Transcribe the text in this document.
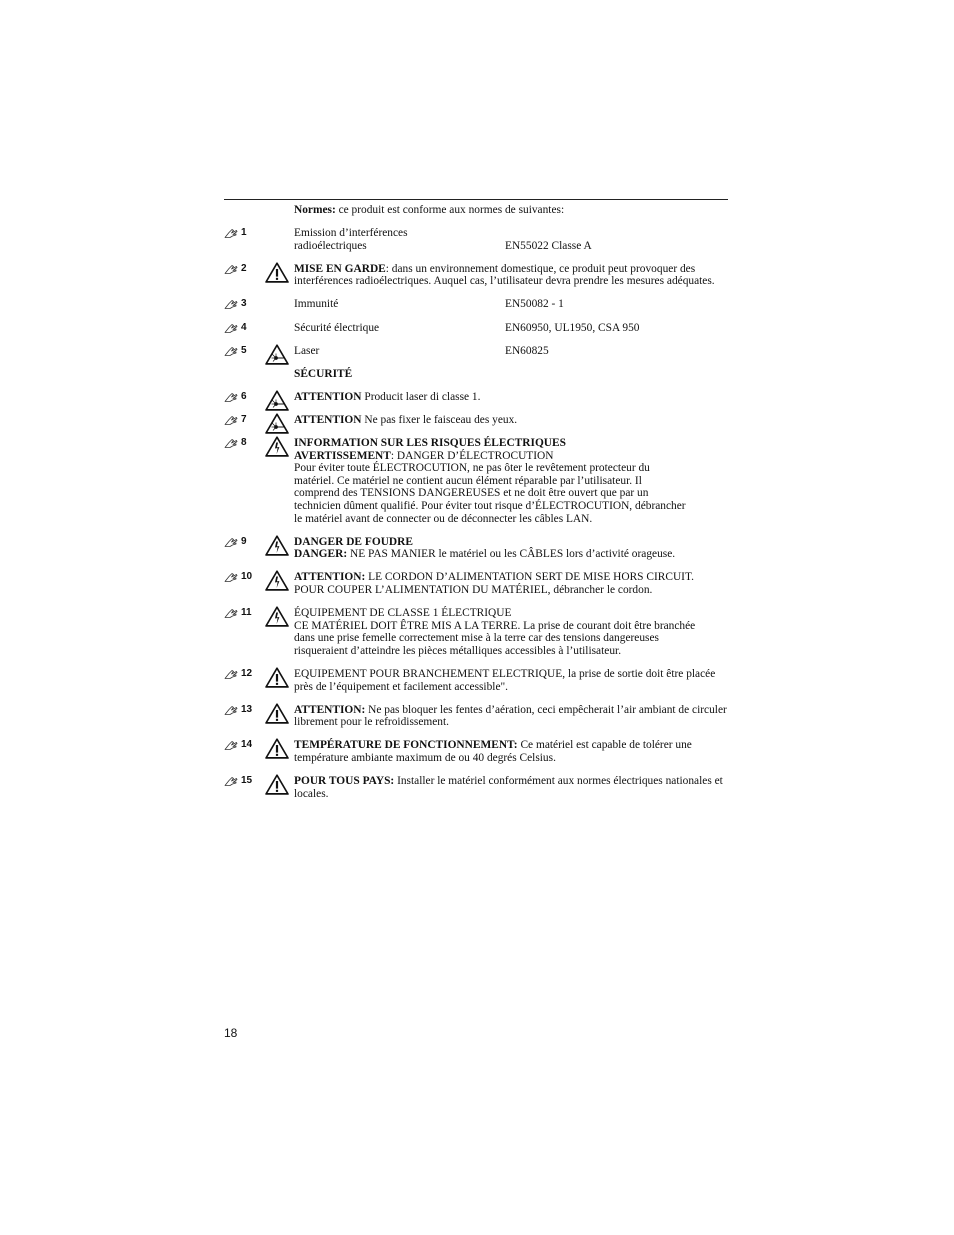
Normes: ce produit est conforme aux normes de suivantes:
1	Emission d’interférences
radioélectriques	EN55022 Classe A
2	MISE EN GARDE: dans un environnement domestique, ce produit peut provoquer des interférences radioélectriques. Auquel cas, l’utilisateur devra prendre les mesures adéquates.
3	Immunité	EN50082 - 1
4	Sécurité électrique	EN60950, UL1950, CSA 950
5	Laser	EN60825
SÉCURITÉ
6	ATTENTION Producit laser di classe 1.
7	ATTENTION Ne pas fixer le faisceau des yeux.
8	INFORMATION SUR LES RISQUES ÉLECTRIQUES
AVERTISSEMENT: DANGER D’ÉLECTROCUTION
Pour éviter toute ÉLECTROCUTION, ne pas ôter le revêtement protecteur du
matériel. Ce matériel ne contient aucun élément réparable par l’utilisateur. Il
comprend des TENSIONS DANGEREUSES et ne doit être ouvert que par un
technicien dûment qualifié. Pour éviter tout risque d’ÉLECTROCUTION, débrancher
le matériel avant de connecter ou de déconnecter les câbles LAN.
9	DANGER DE FOUDRE
DANGER: NE PAS MANIER le matériel ou les CÂBLES lors d’activité orageuse.
10	ATTENTION: LE CORDON D’ALIMENTATION SERT DE MISE HORS CIRCUIT.
POUR COUPER L’ALIMENTATION DU MATÉRIEL, débrancher le cordon.
11	ÉQUIPEMENT DE CLASSE 1 ÉLECTRIQUE
CE MATÉRIEL DOIT ÊTRE MIS A LA TERRE. La prise de courant doit être branchée
dans une prise femelle correctement mise à la terre car des tensions dangereuses
risqueraient d’atteindre les pièces métalliques accessibles à l’utilisateur.
12	EQUIPEMENT POUR BRANCHEMENT ELECTRIQUE, la prise de sortie doit être placée près de l’équipement et facilement accessible".
13	ATTENTION: Ne pas bloquer les fentes d’aération, ceci empêcherait l’air ambiant de circuler librement pour le refroidissement.
14	TEMPÉRATURE DE FONCTIONNEMENT: Ce matériel est capable de tolérer une température ambiante maximum de ou 40 degrés Celsius.
15	POUR TOUS PAYS: Installer le matériel conformément aux normes électriques nationales et locales.
18
